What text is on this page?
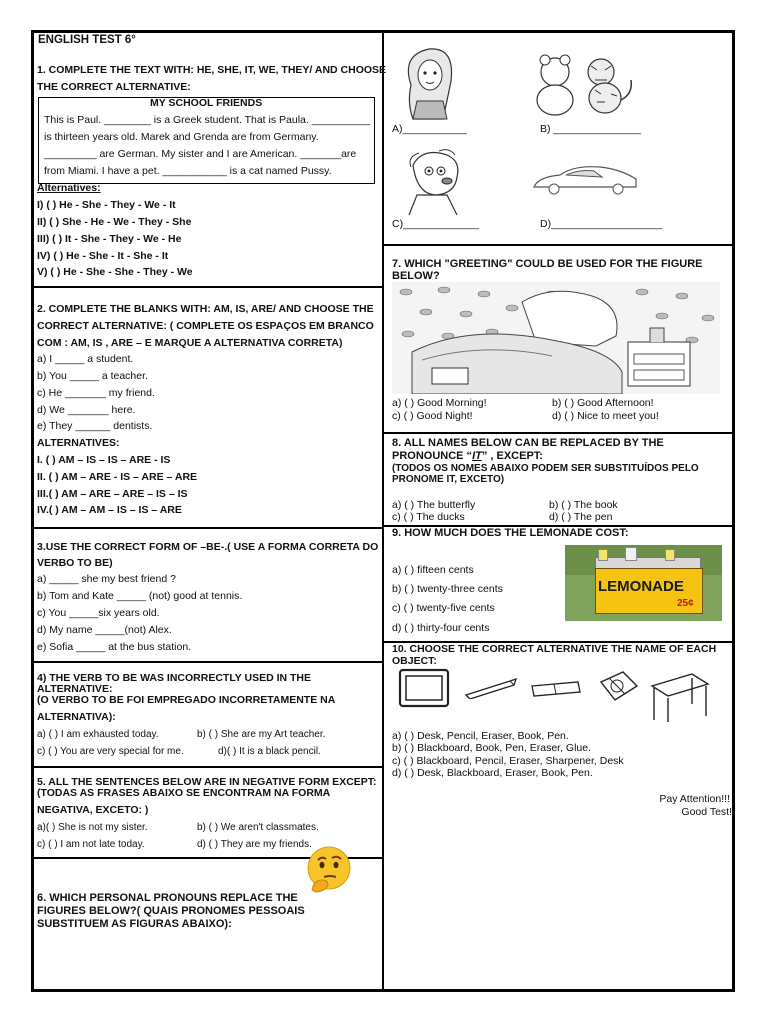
ENGLISH TEST 6°
1. COMPLETE THE TEXT WITH: HE, SHE, IT, WE, THEY/ AND CHOOSE
THE CORRECT ALTERNATIVE:
MY SCHOOL FRIENDS
This is Paul. ________ is a Greek student. That is Paula. __________
is thirteen years old. Marek and Grenda are from Germany.
_________ are German. My sister and I are American. _______are
from Miami. I have a pet. ___________ is a cat named Pussy.
Alternatives:
I) ( ) He - She - They - We - It
II) ( ) She - He - We - They - She
III) ( ) It - She - They - We - He
IV) ( ) He - She - It - She - It
V) ( ) He - She - She - They - We
2. COMPLETE THE BLANKS WITH: AM, IS, ARE/ AND CHOOSE THE
CORRECT ALTERNATIVE: ( COMPLETE OS ESPAÇOS EM BRANCO
COM : AM, IS , ARE – E MARQUE A ALTERNATIVA CORRETA)
a) I _____ a student.
b) You _____ a teacher.
c) He _______ my friend.
d) We _______ here.
e) They ______ dentists.
ALTERNATIVES:
I. ( ) AM – IS – IS – ARE - IS
II. ( ) AM – ARE - IS – ARE – ARE
III.( ) AM – ARE – ARE – IS – IS
IV.( ) AM – AM – IS – IS – ARE
3.USE THE CORRECT FORM OF –BE-.( USE A FORMA CORRETA DO
VERBO TO BE)
a) _____ she my best friend ?
b) Tom and Kate _____ (not) good at tennis.
c) You _____six years old.
d) My name _____(not) Alex.
e) Sofia _____ at the bus station.
4) THE VERB TO BE WAS INCORRECTLY USED IN THE
ALTERNATIVE:
(O VERBO TO BE FOI EMPREGADO INCORRETAMENTE NA
ALTERNATIVA):
a) ( ) I am exhausted today.	b) ( ) She are my Art teacher.
c) ( ) You are very special for me.	d)( ) It is a black pencil.
5. ALL THE SENTENCES BELOW ARE IN NEGATIVE FORM EXCEPT:
(TODAS AS FRASES ABAIXO SE ENCONTRAM NA FORMA
NEGATIVA, EXCETO: )
a)( ) She is not my sister.	b) ( ) We aren't classmates.
c) ( ) I am not late today.	d) ( ) They are my friends.
6. WHICH PERSONAL PRONOUNS REPLACE THE
FIGURES BELOW?( QUAIS PRONOMES PESSOAIS
SUBSTITUEM AS FIGURAS ABAIXO):
A)___________	B) _______________
C)_____________	D)___________________
7. WHICH "GREETING" COULD BE USED FOR THE FIGURE
BELOW?
a) ( ) Good Morning!	b) ( ) Good Afternoon!
c) ( ) Good Night!	d) ( ) Nice to meet you!
8. ALL NAMES BELOW CAN BE REPLACED BY THE
PRONOUNCE “IT” , EXCEPT:
(TODOS OS NOMES ABAIXO PODEM SER SUBSTITUÍDOS PELO
PRONOME IT, EXCETO)
a) ( ) The butterfly	b) ( ) The book
c) ( ) The ducks	d) ( ) The pen
9. HOW MUCH DOES THE LEMONADE COST:
a) ( ) fifteen cents
b) ( ) twenty-three cents
c) ( ) twenty-five cents
d) ( ) thirty-four cents
LEMONADE
25¢
10. CHOOSE THE CORRECT ALTERNATIVE THE NAME OF EACH
OBJECT:
a) ( ) Desk, Pencil, Eraser, Book, Pen.
b) ( ) Blackboard, Book, Pen, Eraser, Glue.
c) ( ) Blackboard, Pencil, Eraser, Sharpener, Desk
d) ( ) Desk, Blackboard, Eraser, Book, Pen.
Pay Attention!!!
Good Test!
